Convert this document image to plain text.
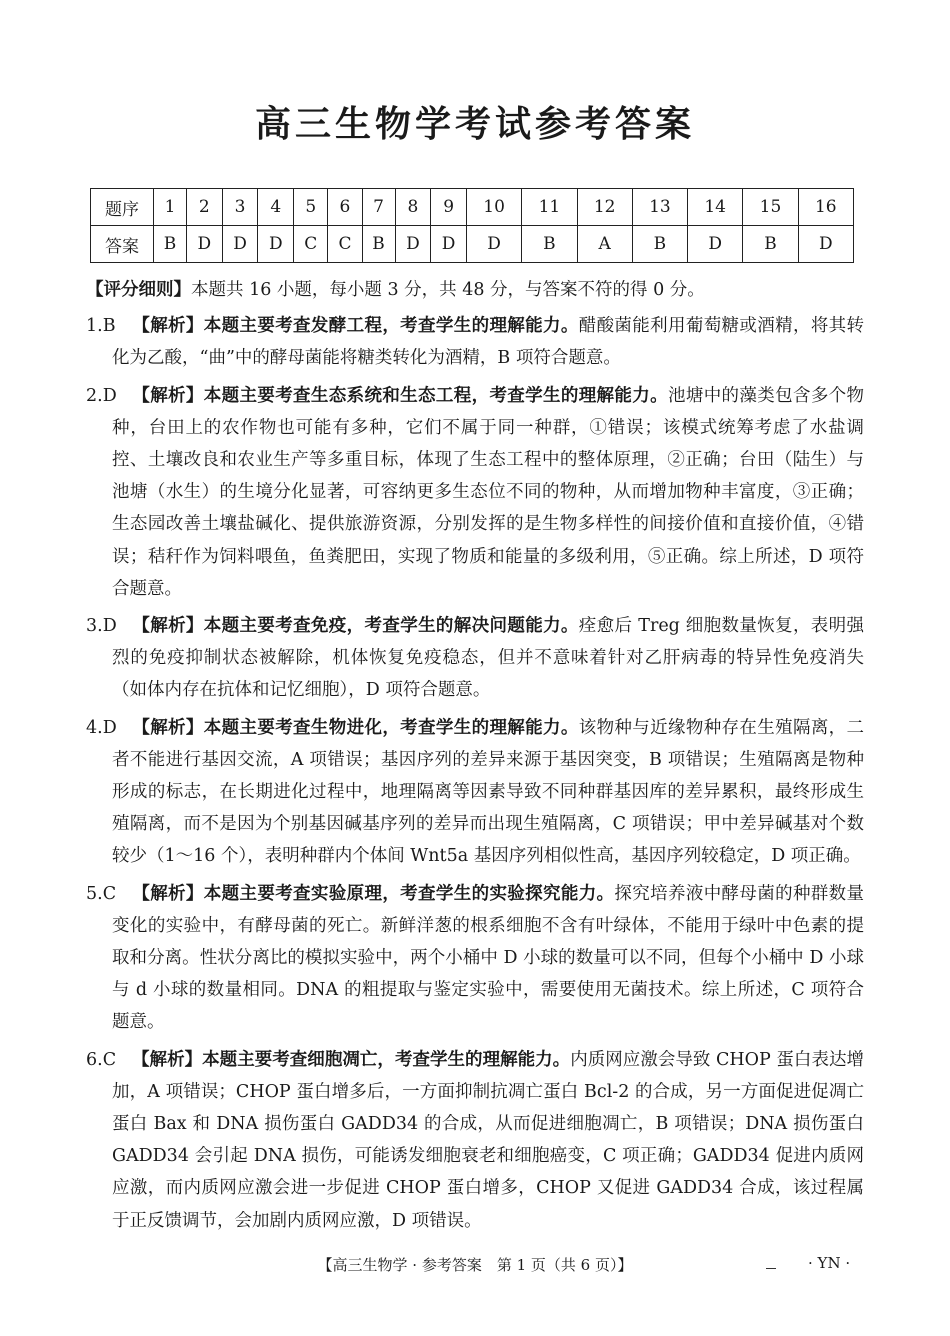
高三生物学考试参考答案
题序	1	2	3	4	5	6	7	8	9	10	11	12	13	14	15	16
答案	B	D	D	D	C	C	B	D	D	D	B	A	B	D	B	D

【评分细则】本题共 16 小题，每小题 3 分，共 48 分，与答案不符的得 0 分。

1.B 【解析】本题主要考查发酵工程，考查学生的理解能力。醋酸菌能利用葡萄糖或酒精，将其转化为乙酸，“曲”中的酵母菌能将糖类转化为酒精，B 项符合题意。

2.D 【解析】本题主要考查生态系统和生态工程，考查学生的理解能力。池塘中的藻类包含多个物种，台田上的农作物也可能有多种，它们不属于同一种群，①错误；该模式统筹考虑了水盐调控、土壤改良和农业生产等多重目标，体现了生态工程中的整体原理，②正确；台田（陆生）与池塘（水生）的生境分化显著，可容纳更多生态位不同的物种，从而增加物种丰富度，③正确；生态园改善土壤盐碱化、提供旅游资源，分别发挥的是生物多样性的间接价值和直接价值，④错误；秸秆作为饲料喂鱼，鱼粪肥田，实现了物质和能量的多级利用，⑤正确。综上所述，D 项符合题意。

3.D 【解析】本题主要考查免疫，考查学生的解决问题能力。痊愈后 Treg 细胞数量恢复，表明强烈的免疫抑制状态被解除，机体恢复免疫稳态，但并不意味着针对乙肝病毒的特异性免疫消失（如体内存在抗体和记忆细胞），D 项符合题意。

4.D 【解析】本题主要考查生物进化，考查学生的理解能力。该物种与近缘物种存在生殖隔离，二者不能进行基因交流，A 项错误；基因序列的差异来源于基因突变，B 项错误；生殖隔离是物种形成的标志，在长期进化过程中，地理隔离等因素导致不同种群基因库的差异累积，最终形成生殖隔离，而不是因为个别基因碱基序列的差异而出现生殖隔离，C 项错误；甲中差异碱基对个数较少（1～16 个），表明种群内个体间 Wnt5a 基因序列相似性高，基因序列较稳定，D 项正确。

5.C 【解析】本题主要考查实验原理，考查学生的实验探究能力。探究培养液中酵母菌的种群数量变化的实验中，有酵母菌的死亡。新鲜洋葱的根系细胞不含有叶绿体，不能用于绿叶中色素的提取和分离。性状分离比的模拟实验中，两个小桶中 D 小球的数量可以不同，但每个小桶中 D 小球与 d 小球的数量相同。DNA 的粗提取与鉴定实验中，需要使用无菌技术。综上所述，C 项符合题意。

6.C 【解析】本题主要考查细胞凋亡，考查学生的理解能力。内质网应激会导致 CHOP 蛋白表达增加，A 项错误；CHOP 蛋白增多后，一方面抑制抗凋亡蛋白 Bcl-2 的合成，另一方面促进促凋亡蛋白 Bax 和 DNA 损伤蛋白 GADD34 的合成，从而促进细胞凋亡，B 项错误；DNA 损伤蛋白 GADD34 会引起 DNA 损伤，可能诱发细胞衰老和细胞癌变，C 项正确；GADD34 促进内质网应激，而内质网应激会进一步促进 CHOP 蛋白增多，CHOP 又促进 GADD34 合成，该过程属于正反馈调节，会加剧内质网应激，D 项错误。

【高三生物学 · 参考答案　第 1 页（共 6 页）】	· YN ·
